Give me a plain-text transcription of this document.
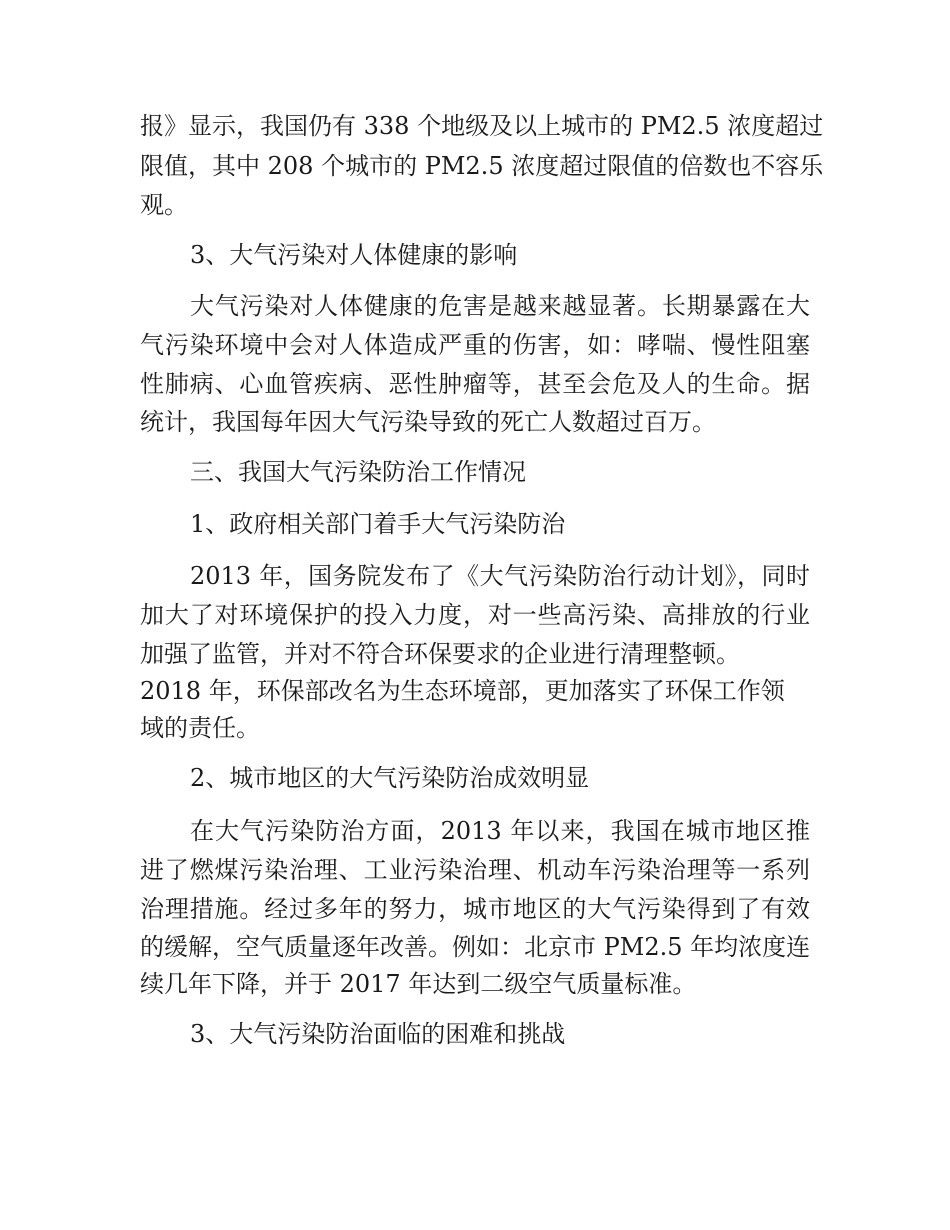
报》显示，我国仍有 338 个地级及以上城市的 PM2.5 浓度超过
限值，其中 208 个城市的 PM2.5 浓度超过限值的倍数也不容乐
观。
3、大气污染对人体健康的影响
大气污染对人体健康的危害是越来越显著。长期暴露在大
气污染环境中会对人体造成严重的伤害，如：哮喘、慢性阻塞
性肺病、心血管疾病、恶性肿瘤等，甚至会危及人的生命。据
统计，我国每年因大气污染导致的死亡人数超过百万。
三、我国大气污染防治工作情况
1、政府相关部门着手大气污染防治
2013 年，国务院发布了《大气污染防治行动计划》，同时
加大了对环境保护的投入力度，对一些高污染、高排放的行业
加强了监管，并对不符合环保要求的企业进行清理整顿。
2018 年，环保部改名为生态环境部，更加落实了环保工作领
域的责任。
2、城市地区的大气污染防治成效明显
在大气污染防治方面，2013 年以来，我国在城市地区推
进了燃煤污染治理、工业污染治理、机动车污染治理等一系列
治理措施。经过多年的努力，城市地区的大气污染得到了有效
的缓解，空气质量逐年改善。例如：北京市 PM2.5 年均浓度连
续几年下降，并于 2017 年达到二级空气质量标准。
3、大气污染防治面临的困难和挑战
